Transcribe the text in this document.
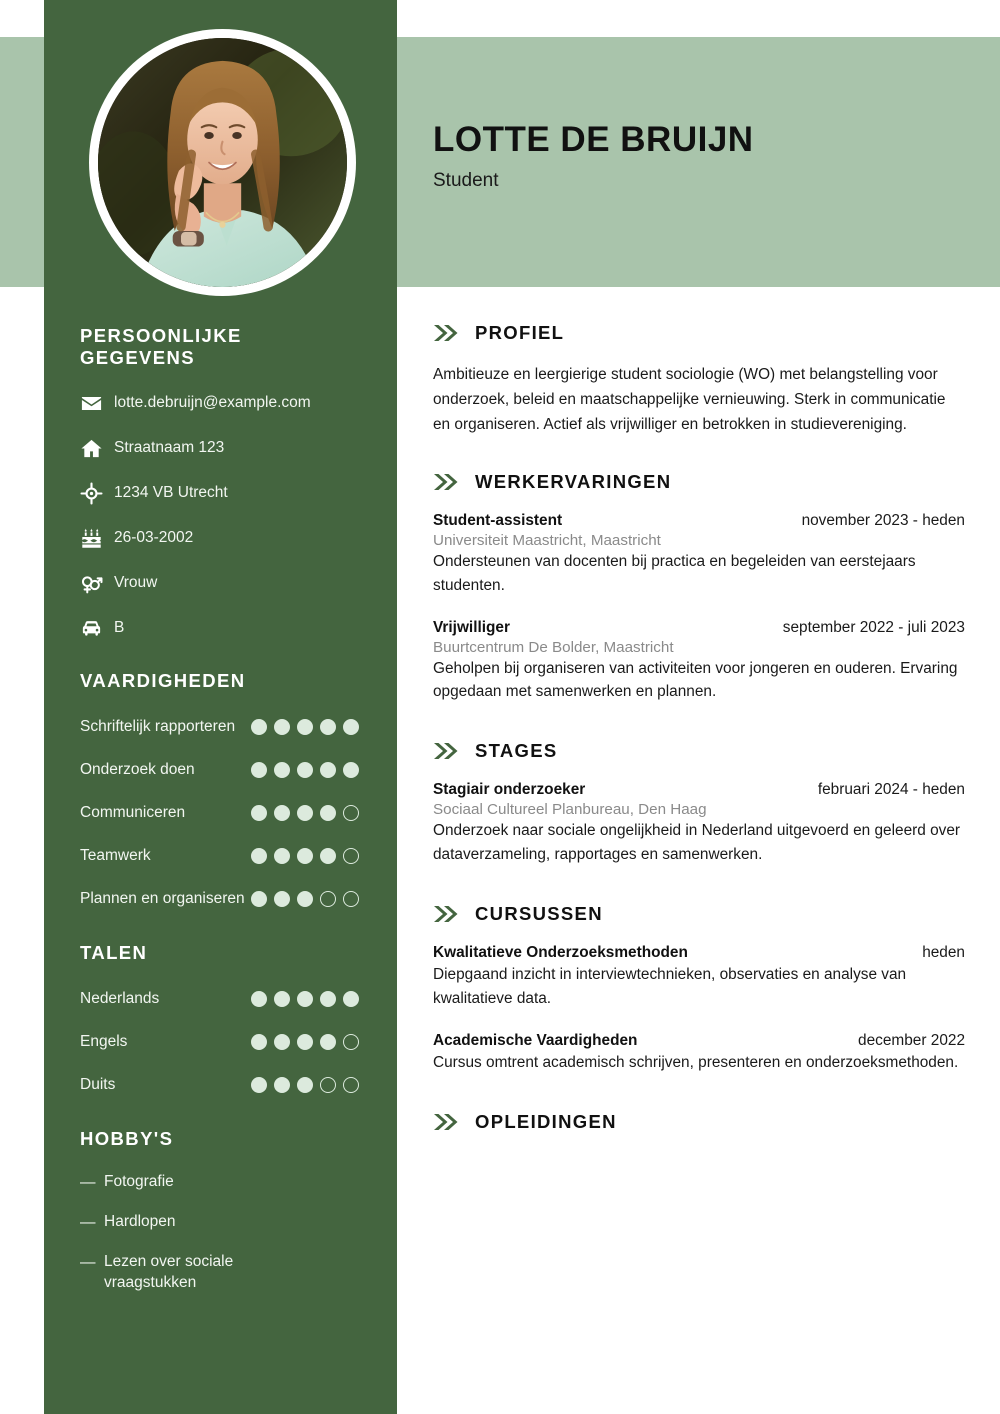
PERSOONLIJKE GEGEVENS
lotte.debruijn@example.com
Straatnaam 123
1234 VB Utrecht
26-03-2002
Vrouw
B
VAARDIGHEDEN
Schriftelijk rapporteren
Onderzoek doen
Communiceren
Teamwerk
Plannen en organiseren
TALEN
Nederlands
Engels
Duits
HOBBY'S
— Fotografie
— Hardlopen
— Lezen over sociale vraagstukken
LOTTE DE BRUIJN
Student
PROFIEL

Ambitieuze en leergierige student sociologie (WO) met belangstelling voor onderzoek, beleid en maatschappelijke vernieuwing. Sterk in communicatie en organiseren. Actief als vrijwilliger en betrokken in studievereniging.

WERKERVARINGEN
Student-assistent	november 2023 - heden
Universiteit Maastricht, Maastricht
Ondersteunen van docenten bij practica en begeleiden van eerstejaars studenten.
Vrijwilliger	september 2022 - juli 2023
Buurtcentrum De Bolder, Maastricht
Geholpen bij organiseren van activiteiten voor jongeren en ouderen. Ervaring opgedaan met samenwerken en plannen.
STAGES
Stagiair onderzoeker	februari 2024 - heden
Sociaal Cultureel Planbureau, Den Haag
Onderzoek naar sociale ongelijkheid in Nederland uitgevoerd en geleerd over dataverzameling, rapportages en samenwerken.
CURSUSSEN
Kwalitatieve Onderzoeksmethoden	heden
Diepgaand inzicht in interviewtechnieken, observaties en analyse van kwalitatieve data.
Academische Vaardigheden	december 2022
Cursus omtrent academisch schrijven, presenteren en onderzoeksmethoden.
OPLEIDINGEN
